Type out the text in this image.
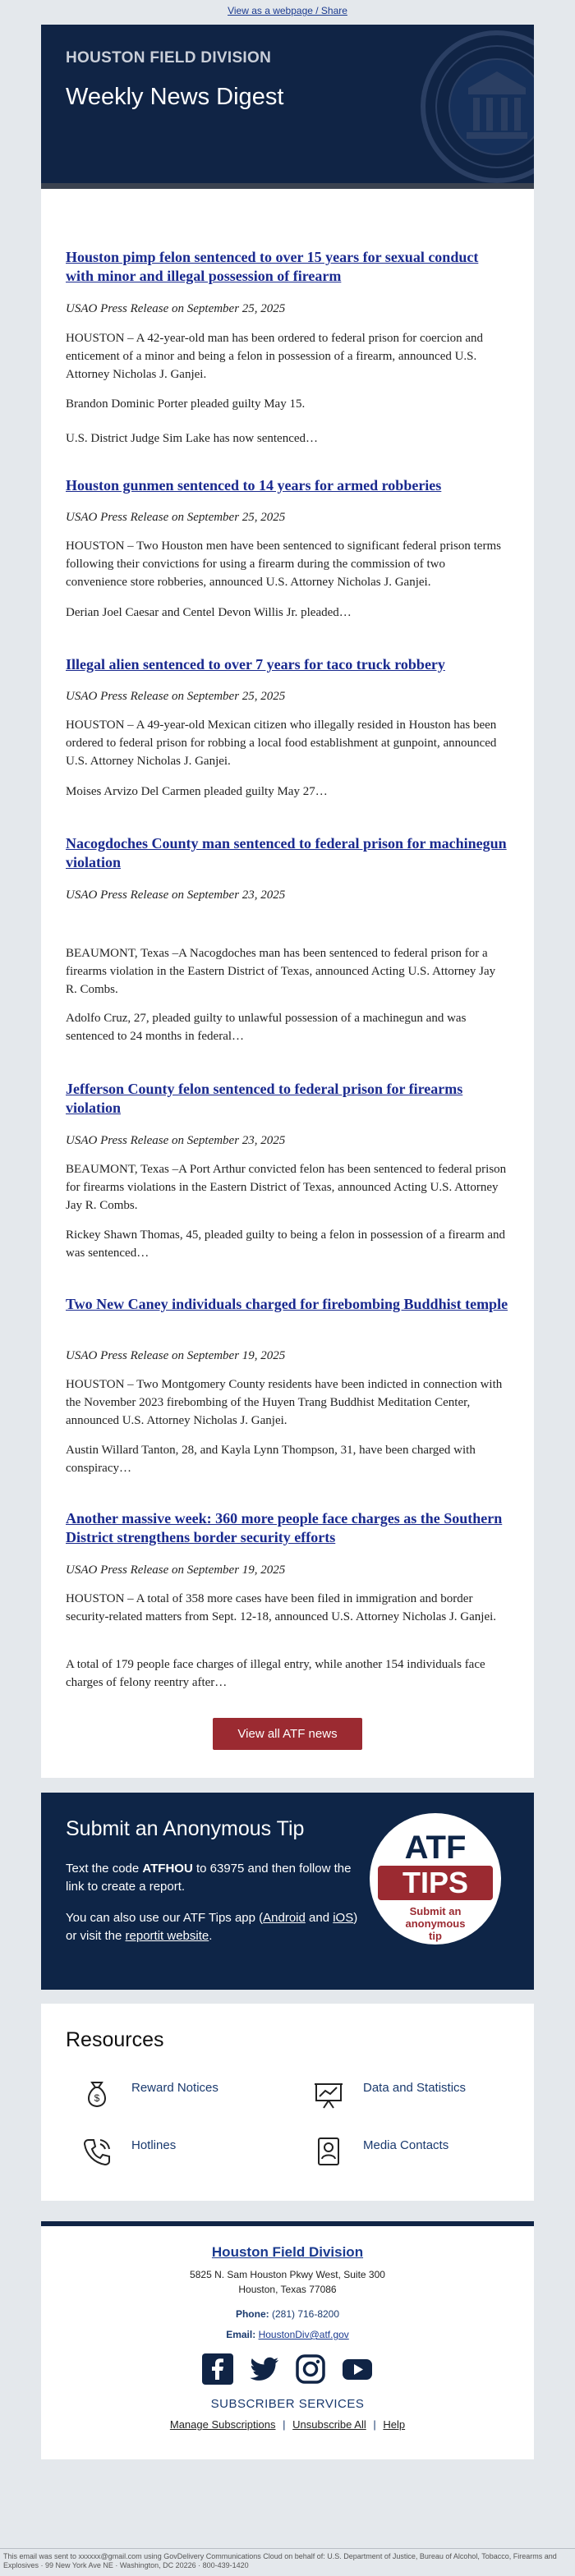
View as a webpage / Share
HOUSTON FIELD DIVISION
Weekly News Digest
Houston pimp felon sentenced to over 15 years for sexual conduct with minor and illegal possession of firearm
USAO Press Release on September 25, 2025

HOUSTON – A 42-year-old man has been ordered to federal prison for coercion and enticement of a minor and being a felon in possession of a firearm, announced U.S. Attorney Nicholas J. Ganjei.

Brandon Dominic Porter pleaded guilty May 15.

U.S. District Judge Sim Lake has now sentenced…

Houston gunmen sentenced to 14 years for armed robberies
USAO Press Release on September 25, 2025

HOUSTON – Two Houston men have been sentenced to significant federal prison terms following their convictions for using a firearm during the commission of two convenience store robberies, announced U.S. Attorney Nicholas J. Ganjei.

Derian Joel Caesar and Centel Devon Willis Jr. pleaded…

Illegal alien sentenced to over 7 years for taco truck robbery
USAO Press Release on September 25, 2025

HOUSTON – A 49-year-old Mexican citizen who illegally resided in Houston has been ordered to federal prison for robbing a local food establishment at gunpoint, announced U.S. Attorney Nicholas J. Ganjei.

Moises Arvizo Del Carmen pleaded guilty May 27…

Nacogdoches County man sentenced to federal prison for machinegun violation
USAO Press Release on September 23, 2025

BEAUMONT, Texas –A Nacogdoches man has been sentenced to federal prison for a firearms violation in the Eastern District of Texas, announced Acting U.S. Attorney Jay R. Combs.

Adolfo Cruz, 27, pleaded guilty to unlawful possession of a machinegun and was sentenced to 24 months in federal…

Jefferson County felon sentenced to federal prison for firearms violation
USAO Press Release on September 23, 2025

BEAUMONT, Texas –A Port Arthur convicted felon has been sentenced to federal prison for firearms violations in the Eastern District of Texas, announced Acting U.S. Attorney Jay R. Combs.

Rickey Shawn Thomas, 45, pleaded guilty to being a felon in possession of a firearm and was sentenced…

Two New Caney individuals charged for firebombing Buddhist temple
USAO Press Release on September 19, 2025

HOUSTON – Two Montgomery County residents have been indicted in connection with the November 2023 firebombing of the Huyen Trang Buddhist Meditation Center, announced U.S. Attorney Nicholas J. Ganjei.

Austin Willard Tanton, 28, and Kayla Lynn Thompson, 31, have been charged with conspiracy…

Another massive week: 360 more people face charges as the Southern District strengthens border security efforts
USAO Press Release on September 19, 2025

HOUSTON – A total of 358 more cases have been filed in immigration and border security-related matters from Sept. 12-18, announced U.S. Attorney Nicholas J. Ganjei.

A total of 179 people face charges of illegal entry, while another 154 individuals face charges of felony reentry after…

View all ATF news
Submit an Anonymous Tip

Text the code ATFHOU to 63975 and then follow the link to create a report.

You can also use our ATF Tips app (Android and iOS) or visit the reportit website.

ATF
TIPS
Submit an anonymous tip
Resources
$
Reward Notices	Data and Statistics
Hotlines	Media Contacts
Houston Field Division
5825 N. Sam Houston Pkwy West, Suite 300
Houston, Texas 77086
Phone: (281) 716-8200
Email: HoustonDiv@atf.gov

SUBSCRIBER SERVICES
Manage Subscriptions | Unsubscribe All | Help
This email was sent to xxxxxx@gmail.com using GovDelivery Communications Cloud on behalf of: U.S. Department of Justice, Bureau of Alcohol, Tobacco, Firearms and Explosives · 99 New York Ave NE · Washington, DC 20226 · 800-439-1420
